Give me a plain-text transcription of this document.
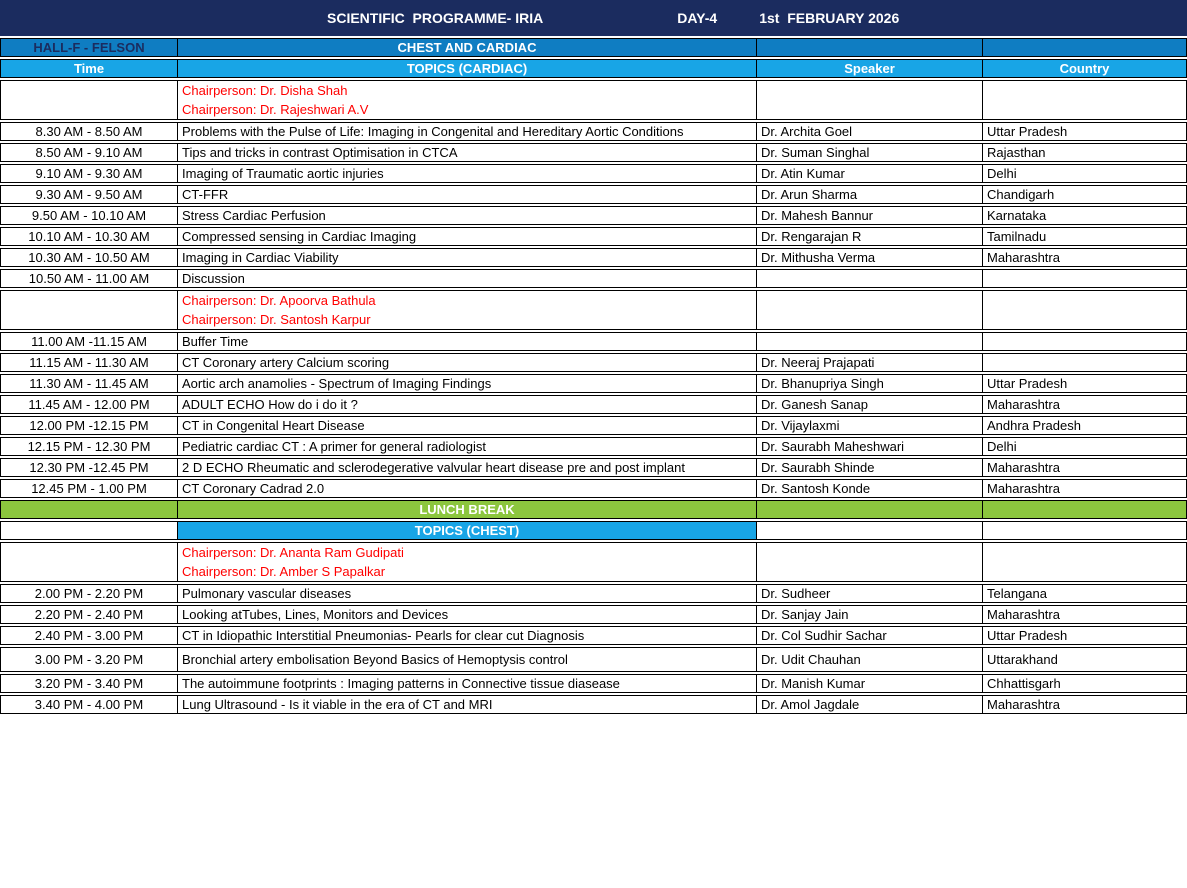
SCIENTIFIC  PROGRAMME- IRIA	DAY-4	1st  FEBRUARY 2026
HALL-F - FELSON	CHEST AND CARDIAC		
Time	TOPICS (CARDIAC)	Speaker	Country

	Chairperson: Dr. Disha Shah
Chairperson: Dr. Rajeshwari A.V		

8.30 AM - 8.50 AM	Problems with the Pulse of Life: Imaging in Congenital and Hereditary Aortic Conditions	Dr. Archita Goel	Uttar Pradesh
8.50 AM - 9.10 AM	Tips and tricks in contrast Optimisation in CTCA	Dr. Suman Singhal	Rajasthan
9.10 AM - 9.30 AM	Imaging of Traumatic aortic injuries	Dr. Atin Kumar	Delhi
9.30 AM - 9.50 AM	CT-FFR	Dr. Arun Sharma	Chandigarh
9.50 AM - 10.10 AM	Stress Cardiac Perfusion	Dr. Mahesh Bannur	Karnataka
10.10 AM - 10.30 AM	Compressed sensing in Cardiac Imaging	Dr. Rengarajan R	Tamilnadu
10.30 AM - 10.50 AM	Imaging in Cardiac Viability	Dr. Mithusha Verma	Maharashtra
10.50 AM - 11.00 AM	Discussion		

	Chairperson: Dr. Apoorva Bathula
Chairperson: Dr. Santosh Karpur		

11.00 AM -11.15 AM	Buffer Time		
11.15 AM - 11.30 AM	CT Coronary artery Calcium scoring	Dr. Neeraj Prajapati	
11.30 AM - 11.45 AM	Aortic arch anamolies - Spectrum of Imaging Findings	Dr. Bhanupriya Singh	Uttar Pradesh
11.45 AM - 12.00 PM	ADULT ECHO How do i do it ?	Dr. Ganesh Sanap	Maharashtra
12.00 PM -12.15 PM	CT in Congenital Heart Disease	Dr. Vijaylaxmi	Andhra Pradesh
12.15 PM - 12.30 PM	Pediatric cardiac CT : A primer for general radiologist	Dr. Saurabh Maheshwari	Delhi
12.30 PM -12.45 PM	2 D ECHO Rheumatic and sclerodegerative valvular heart disease pre and post implant	Dr. Saurabh Shinde	Maharashtra
12.45 PM - 1.00 PM	CT Coronary Cadrad 2.0	Dr. Santosh Konde	Maharashtra
	LUNCH BREAK		
	TOPICS (CHEST)		

	Chairperson: Dr. Ananta Ram Gudipati
Chairperson: Dr. Amber S Papalkar		

2.00 PM - 2.20 PM	Pulmonary vascular diseases	Dr. Sudheer	Telangana
2.20 PM - 2.40 PM	Looking atTubes, Lines, Monitors and Devices	Dr. Sanjay Jain	Maharashtra
2.40 PM - 3.00 PM	CT in Idiopathic Interstitial Pneumonias- Pearls for clear cut Diagnosis	Dr. Col Sudhir Sachar	Uttar Pradesh
3.00 PM - 3.20 PM	Bronchial artery embolisation Beyond Basics of Hemoptysis control	Dr. Udit Chauhan	Uttarakhand
3.20 PM - 3.40 PM	The autoimmune footprints : Imaging patterns in Connective tissue diasease	Dr. Manish Kumar	Chhattisgarh
3.40 PM - 4.00 PM	Lung Ultrasound - Is it viable in the era of CT and MRI	Dr. Amol Jagdale	Maharashtra
